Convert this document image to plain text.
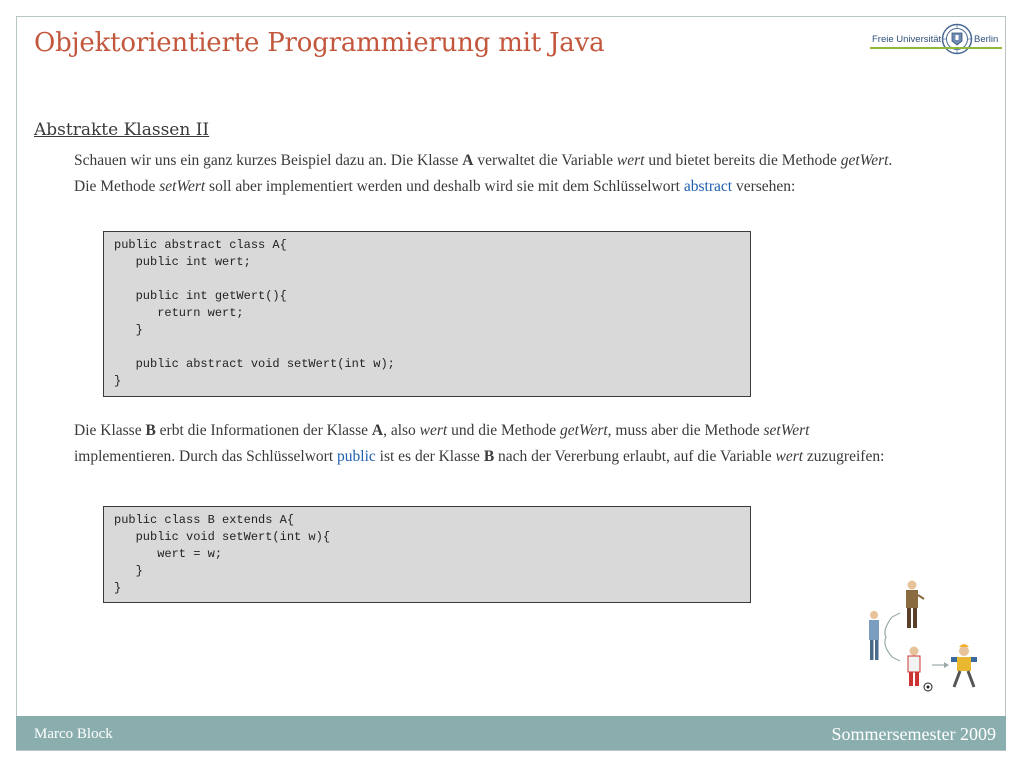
Objektorientierte Programmierung mit Java	Freie Universität	Berlin
Abstrakte Klassen II
Schauen wir uns ein ganz kurzes Beispiel dazu an. Die Klasse A verwaltet die Variable wert und bietet bereits die Methode getWert. Die Methode setWert soll aber implementiert werden und deshalb wird sie mit dem Schlüsselwort abstract versehen:
public abstract class A{
public int wert;

public int getWert(){
return wert;
}

public abstract void setWert(int w);
}
Die Klasse B erbt die Informationen der Klasse A, also wert und die Methode getWert, muss aber die Methode setWert implementieren. Durch das Schlüsselwort public ist es der Klasse B nach der Vererbung erlaubt, auf die Variable wert zuzugreifen:
public class B extends A{
public void setWert(int w){
wert = w;
}
}
Marco Block	Sommersemester 2009
